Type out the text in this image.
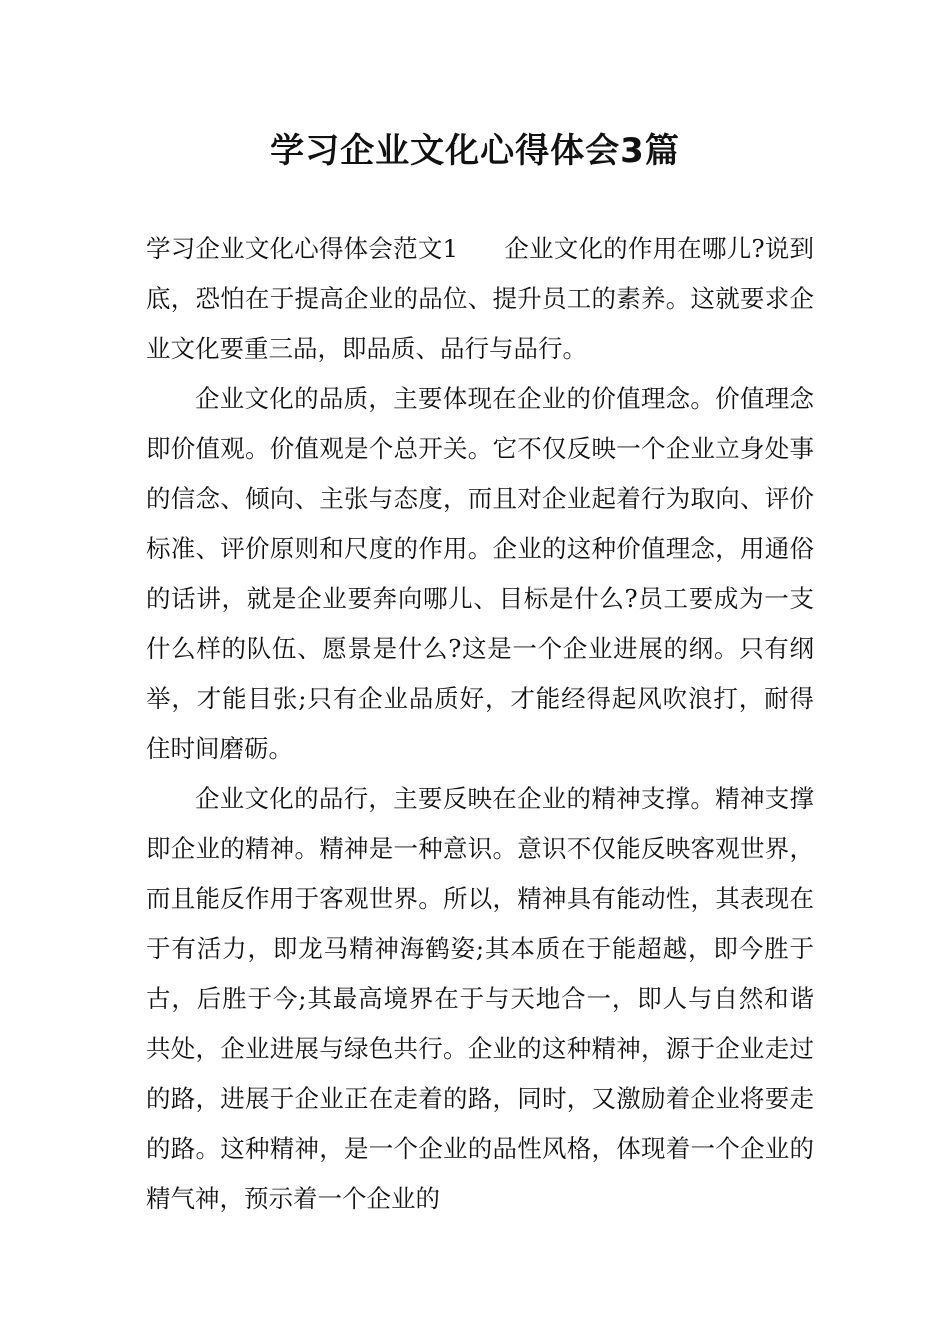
学习企业文化心得体会3篇

学习企业文化心得体会范文1 企业文化的作用在哪儿?说到底，恐怕在于提高企业的品位、提升员工的素养。这就要求企业文化要重三品，即品质、品行与品行。

企业文化的品质，主要体现在企业的价值理念。价值理念即价值观。价值观是个总开关。它不仅反映一个企业立身处事的信念、倾向、主张与态度，而且对企业起着行为取向、评价标准、评价原则和尺度的作用。企业的这种价值理念，用通俗的话讲，就是企业要奔向哪儿、目标是什么?员工要成为一支什么样的队伍、愿景是什么?这是一个企业进展的纲。只有纲举，才能目张;只有企业品质好，才能经得起风吹浪打，耐得住时间磨砺。

企业文化的品行，主要反映在企业的精神支撑。精神支撑即企业的精神。精神是一种意识。意识不仅能反映客观世界，而且能反作用于客观世界。所以，精神具有能动性，其表现在于有活力，即龙马精神海鹤姿;其本质在于能超越，即今胜于古，后胜于今;其最高境界在于与天地合一，即人与自然和谐共处，企业进展与绿色共行。企业的这种精神，源于企业走过的路，进展于企业正在走着的路，同时，又激励着企业将要走的路。这种精神，是一个企业的品性风格，体现着一个企业的精气神，预示着一个企业的
